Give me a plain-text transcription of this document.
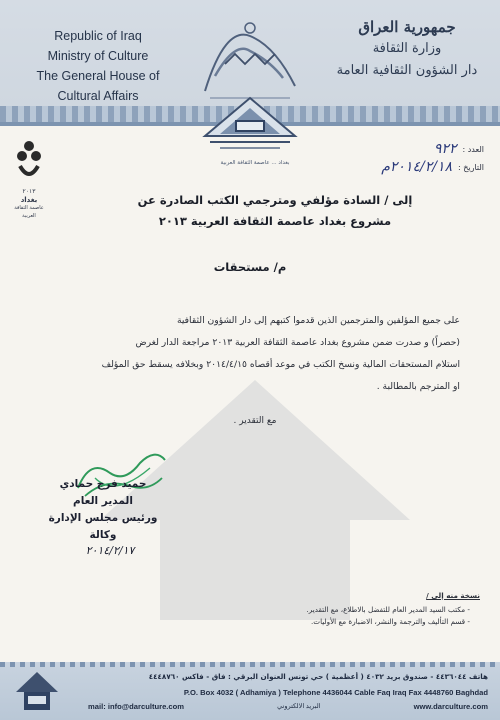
Republic of Iraq
Ministry of Culture
The General House of Cultural Affairs
جمهورية العراق
وزارة الثقافة
دار الشؤون الثقافية العامة
بغداد ... عاصمة الثقافة العربية
٢٠١٣
بغداد
عاصمة الثقافة العربية
العدد :
٩٢٢
التاريخ :
٢٠١٤/٢/١٨م
إلى / السادة مؤلفي ومترجمي الكتب الصادرة عن
مشروع بغداد عاصمة الثقافة العربية ٢٠١٣
م/ مستحقات

على جميع المؤلفين والمترجمين الذين قدموا كتبهم إلى دار الشؤون الثقافية

(حصراً) و صدرت ضمن مشروع بغداد عاصمة الثقافة العربية ٢٠١٣ مراجعة الدار لغرض

استلام المستحقات المالية ونسخ الكتب في موعد أقصاه ٢٠١٤/٤/١٥ وبخلافه يسقط حق المؤلف

او المترجم بالمطالبة .

مع التقدير .
حميد فرج حمادي
المدير العام
ورئيس مجلس الإدارة وكالة
٢٠١٤/٢/١٧
نسخة منه إلى /
- مكتب السيد المدير العام للتفضل بالاطلاع، مع التقدير.
- قسم التأليف والترجمة والنشر، الاضبارة مع الأوليات.
هاتف ٤٤٣٦٠٤٤ - صندوق بريد ٤٠٣٢ ( أعظمية ) حي تونس العنوان البرقي : فاق - فاكس ٤٤٤٨٧٦٠
P.O. Box 4032 ( Adhamiya ) Telephone 4436044 Cable Faq Iraq Fax 4448760 Baghdad
mail: info@darculture.com	البريد الالكتروني	www.darculture.com
